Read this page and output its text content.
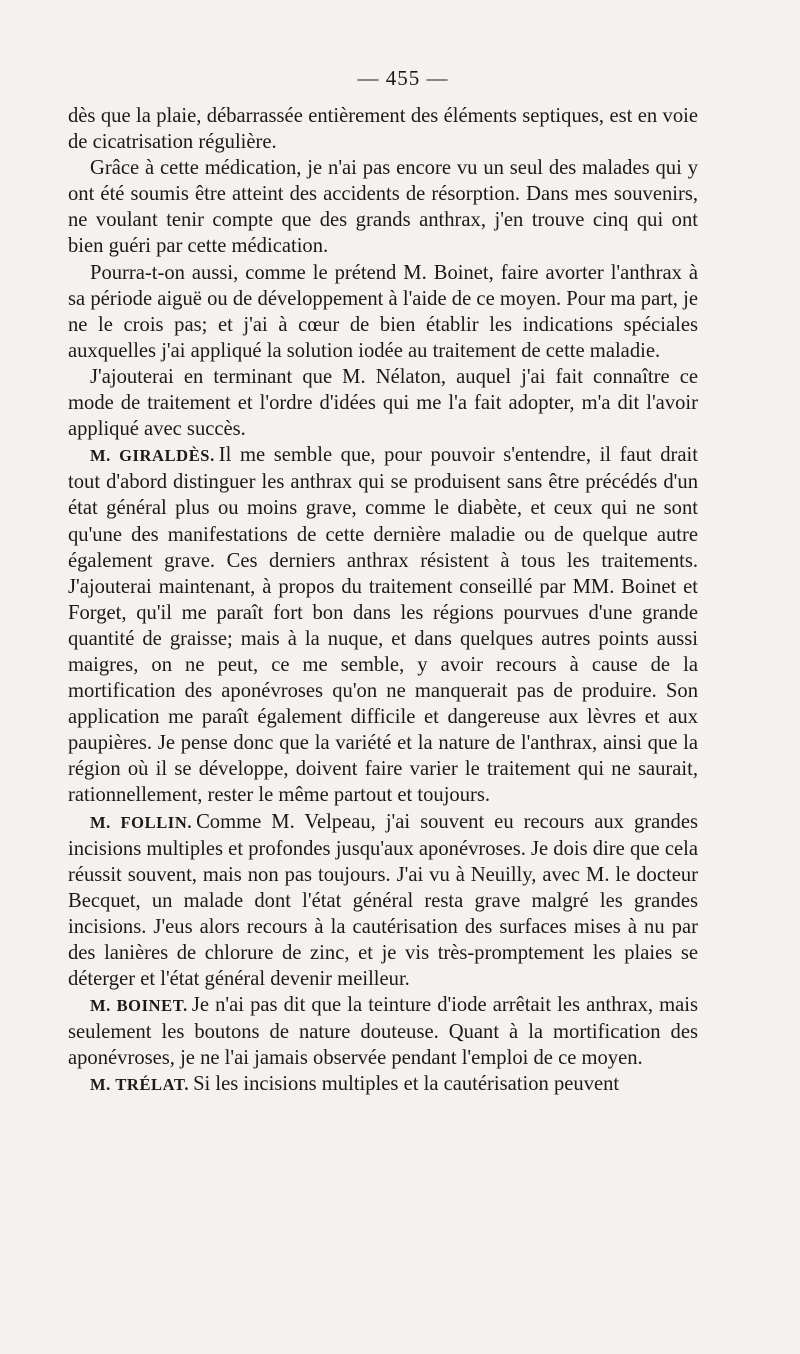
— 455 —

dès que la plaie, débarrassée entièrement des éléments septiques, est en voie de cicatrisation régulière.

Grâce à cette médication, je n'ai pas encore vu un seul des malades qui y ont été soumis être atteint des accidents de résorption. Dans mes souvenirs, ne voulant tenir compte que des grands anthrax, j'en trouve cinq qui ont bien guéri par cette médication.

Pourra-t-on aussi, comme le prétend M. Boinet, faire avorter l'anthrax à sa période aiguë ou de développement à l'aide de ce moyen. Pour ma part, je ne le crois pas; et j'ai à cœur de bien établir les indications spéciales auxquelles j'ai appliqué la solution iodée au traitement de cette maladie.

J'ajouterai en terminant que M. Nélaton, auquel j'ai fait connaître ce mode de traitement et l'ordre d'idées qui me l'a fait adopter, m'a dit l'avoir appliqué avec succès.

M. GIRALDÈS. Il me semble que, pour pouvoir s'entendre, il faut drait tout d'abord distinguer les anthrax qui se produisent sans être précédés d'un état général plus ou moins grave, comme le diabète, et ceux qui ne sont qu'une des manifestations de cette dernière maladie ou de quelque autre également grave. Ces derniers anthrax résistent à tous les traitements. J'ajouterai maintenant, à propos du traitement conseillé par MM. Boinet et Forget, qu'il me paraît fort bon dans les régions pourvues d'une grande quantité de graisse; mais à la nuque, et dans quelques autres points aussi maigres, on ne peut, ce me semble, y avoir recours à cause de la mortification des aponévroses qu'on ne manquerait pas de produire. Son application me paraît également difficile et dangereuse aux lèvres et aux paupières. Je pense donc que la variété et la nature de l'anthrax, ainsi que la région où il se développe, doivent faire varier le traitement qui ne saurait, rationnellement, rester le même partout et toujours.

M. FOLLIN. Comme M. Velpeau, j'ai souvent eu recours aux grandes incisions multiples et profondes jusqu'aux aponévroses. Je dois dire que cela réussit souvent, mais non pas toujours. J'ai vu à Neuilly, avec M. le docteur Becquet, un malade dont l'état général resta grave malgré les grandes incisions. J'eus alors recours à la cautérisation des surfaces mises à nu par des lanières de chlorure de zinc, et je vis très-promptement les plaies se déterger et l'état général devenir meilleur.

M. BOINET. Je n'ai pas dit que la teinture d'iode arrêtait les anthrax, mais seulement les boutons de nature douteuse. Quant à la mortification des aponévroses, je ne l'ai jamais observée pendant l'emploi de ce moyen.

M. TRÉLAT. Si les incisions multiples et la cautérisation peuvent
